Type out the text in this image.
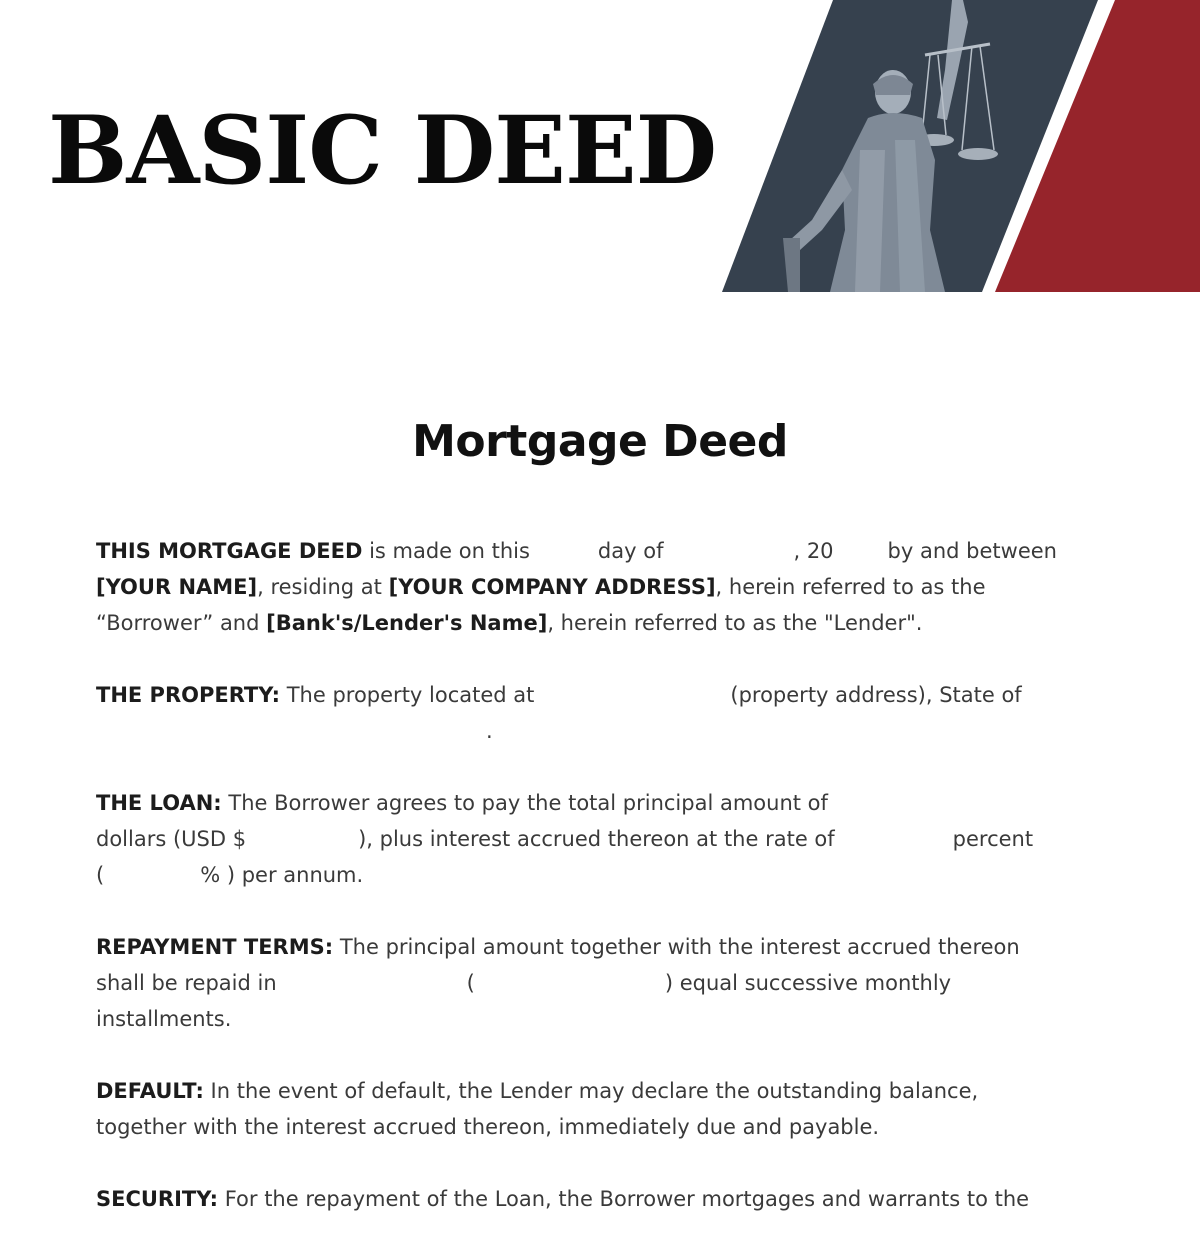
BASIC DEED
Mortgage Deed
THIS MORTGAGE DEED is made on this	day of	, 20	by and between
[YOUR NAME], residing at [YOUR COMPANY ADDRESS], herein referred to as the
“Borrower” and [Bank's/Lender's Name], herein referred to as the "Lender".
THE PROPERTY: The property located at	(property address), State of
.
THE LOAN: The Borrower agrees to pay the total principal amount of
dollars (USD $	), plus interest accrued thereon at the rate of	percent
(	% ) per annum.
REPAYMENT TERMS: The principal amount together with the interest accrued thereon
shall be repaid in	(	) equal successive monthly
installments.
DEFAULT: In the event of default, the Lender may declare the outstanding balance,
together with the interest accrued thereon, immediately due and payable.
SECURITY: For the repayment of the Loan, the Borrower mortgages and warrants to the
